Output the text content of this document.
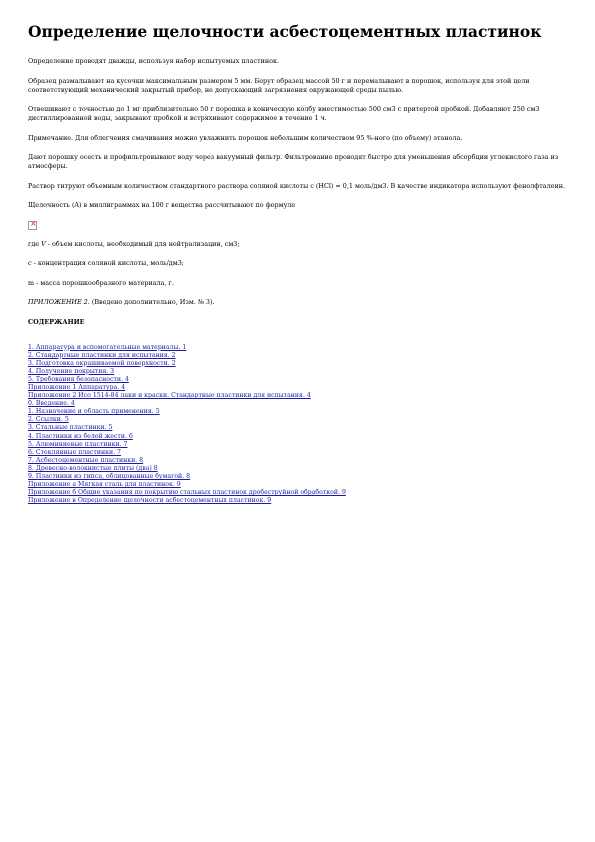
Определение щелочности асбестоцементных пластинок

Определение проводят дважды, используя набор испытуемых пластинок.

Образец размалывают на кусочки максимальным размером 5 мм. Берут образец массой 50 г и перемалывают в порошок, используя для этой цели соответствующий механический закрытый прибор, не допускающий загрязнения окружающей среды пылью.

Отвешивают с точностью до 1 мг приблизительно 50 г порошка в коническую колбу вместимостью 500 см3 с притертой пробкой. Добавляют 250 см3 дистиллированной воды, закрывают пробкой и встряхивают содержимое в течение 1 ч.

Примечание. Для облегчения смачивания можно увлажнить порошок небольшим количеством 95 %-ного (по объему) этанола.

Дают порошку осесть и профильтровывают воду через вакуумный фильтр. Фильтрование проводят быстро для уменьшения абсорбции углекислого газа из атмосферы.

Раствор титруют объемным количеством стандартного раствора соляной кислоты с (HCl) = 0,1 моль/дм3. В качестве индикатора используют фенолфталеин.

Щелочность (A) в миллиграммах на 100 г вещества рассчитывают по формуле

×

где V - объем кислоты, необходимый для нейтрализации, см3;

c - концентрация соляной кислоты, моль/дм3;

m - масса порошкообразного материала, г.

ПРИЛОЖЕНИЕ 2. (Введено дополнительно, Изм. № 3).

СОДЕРЖАНИЕ
1. Аппаратура и вспомогательные материалы. 1
2. Стандартные пластинки для испытания. 2
3. Подготовка окрашиваемой поверхности. 2
4. Получение покрытия. 3
5. Требования безопасности. 4
Приложение 1 Аппаратура. 4
Приложение 2 Исо 1514-84 лаки и краски. Стандартные пластинки для испытания. 4
0. Введение. 4
1. Назначение и область применения. 5
2. Ссылки. 5
3. Стальные пластинки. 5
4. Пластинки из белой жести. 6
5. Алюминиевые пластинки. 7
6. Стеклянные пластинки. 7
7. Асбестоцементные пластинки. 8
8. Древесно-волокнистые плиты (два) 8
9. Пластинки из гипса, облицованные бумагой. 8
Приложение а Мягкая сталь для пластинок. 9
Приложение б Общие указания по покрытию стальных пластинок дробеструйной обработкой. 9
Приложение в Определение щелочности асбестоцементных пластинок. 9
